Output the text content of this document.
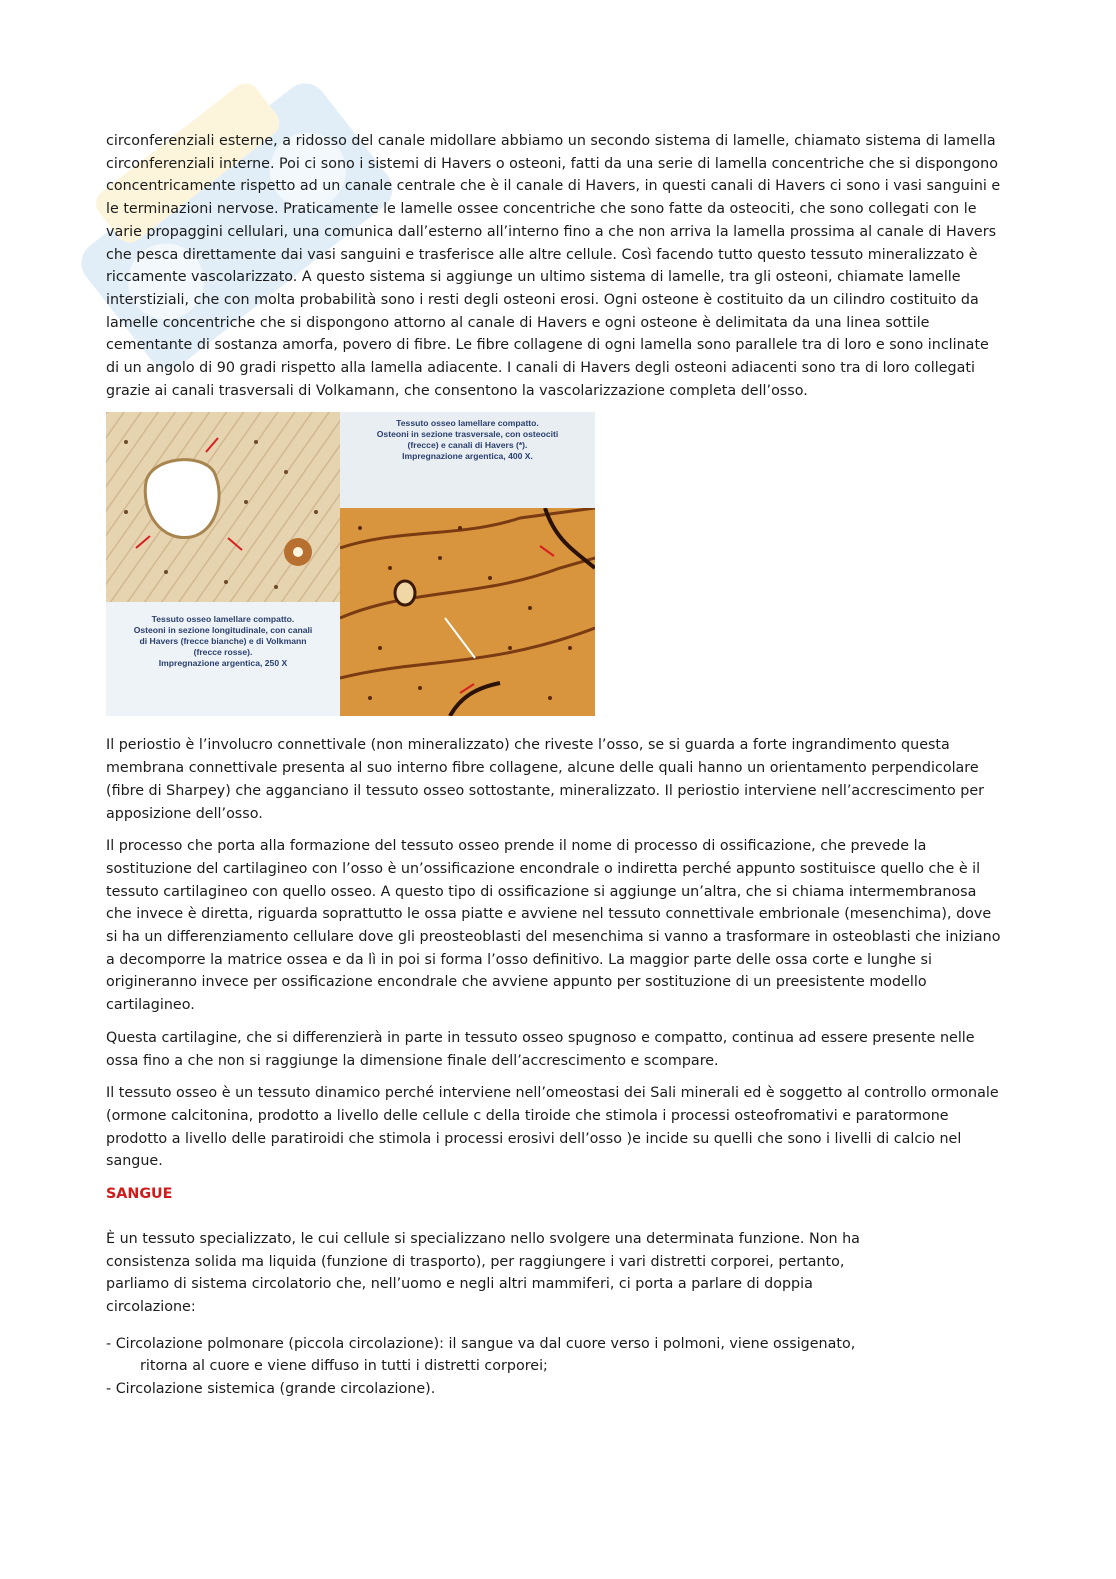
circonferenziali esterne, a ridosso del canale midollare abbiamo un secondo sistema di lamelle, chiamato sistema di lamella circonferenziali interne. Poi ci sono i sistemi di Havers o osteoni, fatti da una serie di lamella concentriche che si dispongono concentricamente rispetto ad un canale centrale che è il canale di Havers, in questi canali di Havers ci sono i vasi sanguini e le terminazioni nervose. Praticamente le lamelle ossee concentriche che sono fatte da osteociti, che sono collegati con le varie propaggini cellulari, una comunica dall’esterno all’interno fino a che non arriva la lamella prossima al canale di Havers che pesca direttamente dai vasi sanguini e trasferisce alle altre cellule. Così facendo tutto questo tessuto mineralizzato è riccamente vascolarizzato. A questo sistema si aggiunge un ultimo sistema di lamelle, tra gli osteoni, chiamate lamelle interstiziali, che con molta probabilità sono i resti degli osteoni erosi. Ogni osteone è costituito da un cilindro costituito da lamelle concentriche che si dispongono attorno al canale di Havers e ogni osteone è delimitata da una linea sottile cementante di sostanza amorfa, povero di fibre. Le fibre collagene di ogni lamella sono parallele tra di loro e sono inclinate di un angolo di 90 gradi rispetto alla lamella adiacente. I canali di Havers degli osteoni adiacenti sono tra di loro collegati grazie ai canali trasversali di Volkamann, che consentono la vascolarizzazione completa dell’osso.

Tessuto osseo lamellare compatto.
Osteoni in sezione trasversale, con osteociti
(frecce) e canali di Havers (*).
Impregnazione argentica, 400 X.
Tessuto osseo lamellare compatto.
Osteoni in sezione longitudinale, con canali
di Havers (frecce bianche) e di Volkmann
(frecce rosse).
Impregnazione argentica, 250 X

Il periostio è l’involucro connettivale (non mineralizzato) che riveste l’osso, se si guarda a forte ingrandimento questa membrana connettivale presenta al suo interno fibre collagene, alcune delle quali hanno un orientamento perpendicolare (fibre di Sharpey) che agganciano il tessuto osseo sottostante, mineralizzato. Il periostio interviene nell’accrescimento per apposizione dell’osso.

Il processo che porta alla formazione del tessuto osseo prende il nome di processo di ossificazione, che prevede la sostituzione del cartilagineo con l’osso è un’ossificazione encondrale o indiretta perché appunto sostituisce quello che è il tessuto cartilagineo con quello osseo. A questo tipo di ossificazione si aggiunge un’altra, che si chiama intermembranosa che invece è diretta, riguarda soprattutto le ossa piatte e avviene nel tessuto connettivale embrionale (mesenchima), dove si ha un differenziamento cellulare dove gli preosteoblasti del mesenchima si vanno a trasformare in osteoblasti che iniziano a decomporre la matrice ossea e da lì in poi si forma l’osso definitivo. La maggior parte delle ossa corte e lunghe si origineranno invece per ossificazione encondrale che avviene appunto per sostituzione di un preesistente modello cartilagineo.

Questa cartilagine, che si differenzierà in parte in tessuto osseo spugnoso e compatto, continua ad essere presente nelle ossa fino a che non si raggiunge la dimensione finale dell’accrescimento e scompare.

Il tessuto osseo è un tessuto dinamico perché interviene nell’omeostasi dei Sali minerali ed è soggetto al controllo ormonale (ormone calcitonina, prodotto a livello delle cellule c della tiroide che stimola i processi osteofromativi e paratormone prodotto a livello delle paratiroidi che stimola i processi erosivi dell’osso )e incide su quelli che sono i livelli di calcio nel sangue.

SANGUE

È un tessuto specializzato, le cui cellule si specializzano nello svolgere una determinata funzione. Non ha consistenza solida ma liquida (funzione di trasporto), per raggiungere i vari distretti corporei, pertanto, parliamo di sistema circolatorio che, nell’uomo e negli altri mammiferi, ci porta a parlare di doppia circolazione:

- Circolazione polmonare (piccola circolazione): il sangue va dal cuore verso i polmoni, viene ossigenato,
ritorna al cuore e viene diffuso in tutti i distretti corporei;
- Circolazione sistemica (grande circolazione).
